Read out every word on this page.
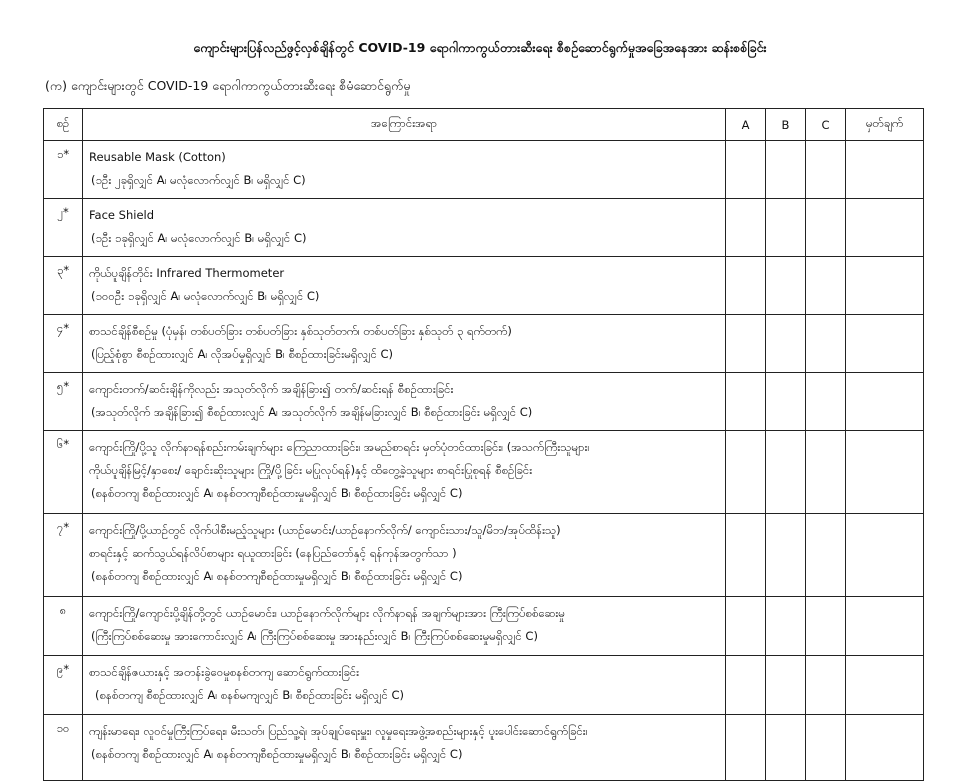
ကျောင်းများပြန်လည်ဖွင့်လှစ်ချိန်တွင် COVID-19 ရောဂါကာကွယ်တားဆီးရေး စီစဉ်ဆောင်ရွက်မှုအခြေအနေအား ဆန်းစစ်ခြင်း
(က) ကျောင်းများတွင် COVID-19 ရောဂါကာကွယ်တားဆီးရေး စီမံဆောင်ရွက်မှု
စဉ်	အကြောင်းအရာ	A	B	C	မှတ်ချက်
၁*	Reusable Mask (Cotton)
(၁ဦး ၂ခုရှိလျှင် A၊ မလုံလောက်လျှင် B၊ မရှိလျှင် C)				

၂*	Face Shield
(၁ဦး ၁ခုရှိလျှင် A၊ မလုံလောက်လျှင် B၊ မရှိလျှင် C)				

၃*	ကိုယ်ပူချိန်တိုင်း Infrared Thermometer
(၁၀၀ဦး ၁ခုရှိလျှင် A၊ မလုံလောက်လျှင် B၊ မရှိလျှင် C)				

၄*	စာသင်ချိန်စီစဉ်မှု (ပုံမှန်၊ တစ်ပတ်ခြား တစ်ပတ်ခြား နှစ်သုတ်တက်၊ တစ်ပတ်ခြား နှစ်သုတ် ၃ ရက်တက်)
(ပြည့်စုံစွာ စီစဉ်ထားလျှင် A၊ လိုအပ်မှုရှိလျှင် B၊ စီစဉ်ထားခြင်းမရှိလျှင် C)				

၅*	ကျောင်းတက်/ဆင်းချိန်ကိုလည်း အသုတ်လိုက် အချိန်ခြား၍ တက်/ဆင်းရန် စီစဉ်ထားခြင်း
(အသုတ်လိုက် အချိန်ခြား၍ စီစဉ်ထားလျှင် A၊ အသုတ်လိုက် အချိန်မခြားလျှင် B၊ စီစဉ်ထားခြင်း မရှိလျှင် C)				

၆*	ကျောင်းကြို/ပို့သူ လိုက်နာရန်စည်းကမ်းချက်များ ကြေညာထားခြင်း၊ အမည်စာရင်း မှတ်ပုံတင်ထားခြင်း၊ (အသက်ကြီးသူများ၊
ကိုယ်ပူချိန်မြင့်/နှာစေး/ ချောင်းဆိုးသူများ ကြို/ပို့ခြင်း မပြုလုပ်ရန်)နှင့် ထိတွေ့ခဲ့သူများ စာရင်းပြုစုရန် စီစဉ်ခြင်း
(စနစ်တကျ စီစဉ်ထားလျှင် A၊ စနစ်တကျစီစဉ်ထားမှုမရှိလျှင် B၊ စီစဉ်ထားခြင်း မရှိလျှင် C)				

၇*	ကျောင်းကြို/ပို့ယာဉ်တွင် လိုက်ပါစီးမည့်သူများ (ယာဉ်မောင်း/ယာဉ်နောက်လိုက်/ ကျောင်းသား/သူ/မိဘ/အုပ်ထိန်းသူ)
စာရင်းနှင့် ဆက်သွယ်ရန်လိပ်စာများ ရယူထားခြင်း (နေပြည်တော်နှင့် ရန်ကုန်အတွက်သာ )
(စနစ်တကျ စီစဉ်ထားလျှင် A၊ စနစ်တကျစီစဉ်ထားမှုမရှိလျှင် B၊ စီစဉ်ထားခြင်း မရှိလျှင် C)				

၈	ကျောင်းကြို/ကျောင်းပို့ချိန်တို့တွင် ယာဉ်မောင်း၊ ယာဉ်နောက်လိုက်များ လိုက်နာရန် အချက်များအား ကြီးကြပ်စစ်ဆေးမှု
(ကြီးကြပ်စစ်ဆေးမှု အားကောင်းလျှင် A၊ ကြီးကြပ်စစ်ဆေးမှု အားနည်းလျှင် B၊ ကြီးကြပ်စစ်ဆေးမှုမရှိလျှင် C)				

၉*	စာသင်ချိန်ဇယားနှင့် အတန်းခွဲဝေမှုစနစ်တကျ ဆောင်ရွက်ထားခြင်း
(စနစ်တကျ စီစဉ်ထားလျှင် A၊ စနစ်မကျလျှင် B၊ စီစဉ်ထားခြင်း မရှိလျှင် C)				

၁၀	ကျန်းမာရေး၊ လူဝင်မှုကြီးကြပ်ရေး၊ မီးသတ်၊ ပြည်သူ့ရဲ၊ အုပ်ချုပ်ရေးမှူး၊ လူမှုရေးအဖွဲ့အစည်းများနှင့် ပူးပေါင်းဆောင်ရွက်ခြင်း၊
(စနစ်တကျ စီစဉ်ထားလျှင် A၊ စနစ်တကျစီစဉ်ထားမှုမရှိလျှင် B၊ စီစဉ်ထားခြင်း မရှိလျှင် C)				
